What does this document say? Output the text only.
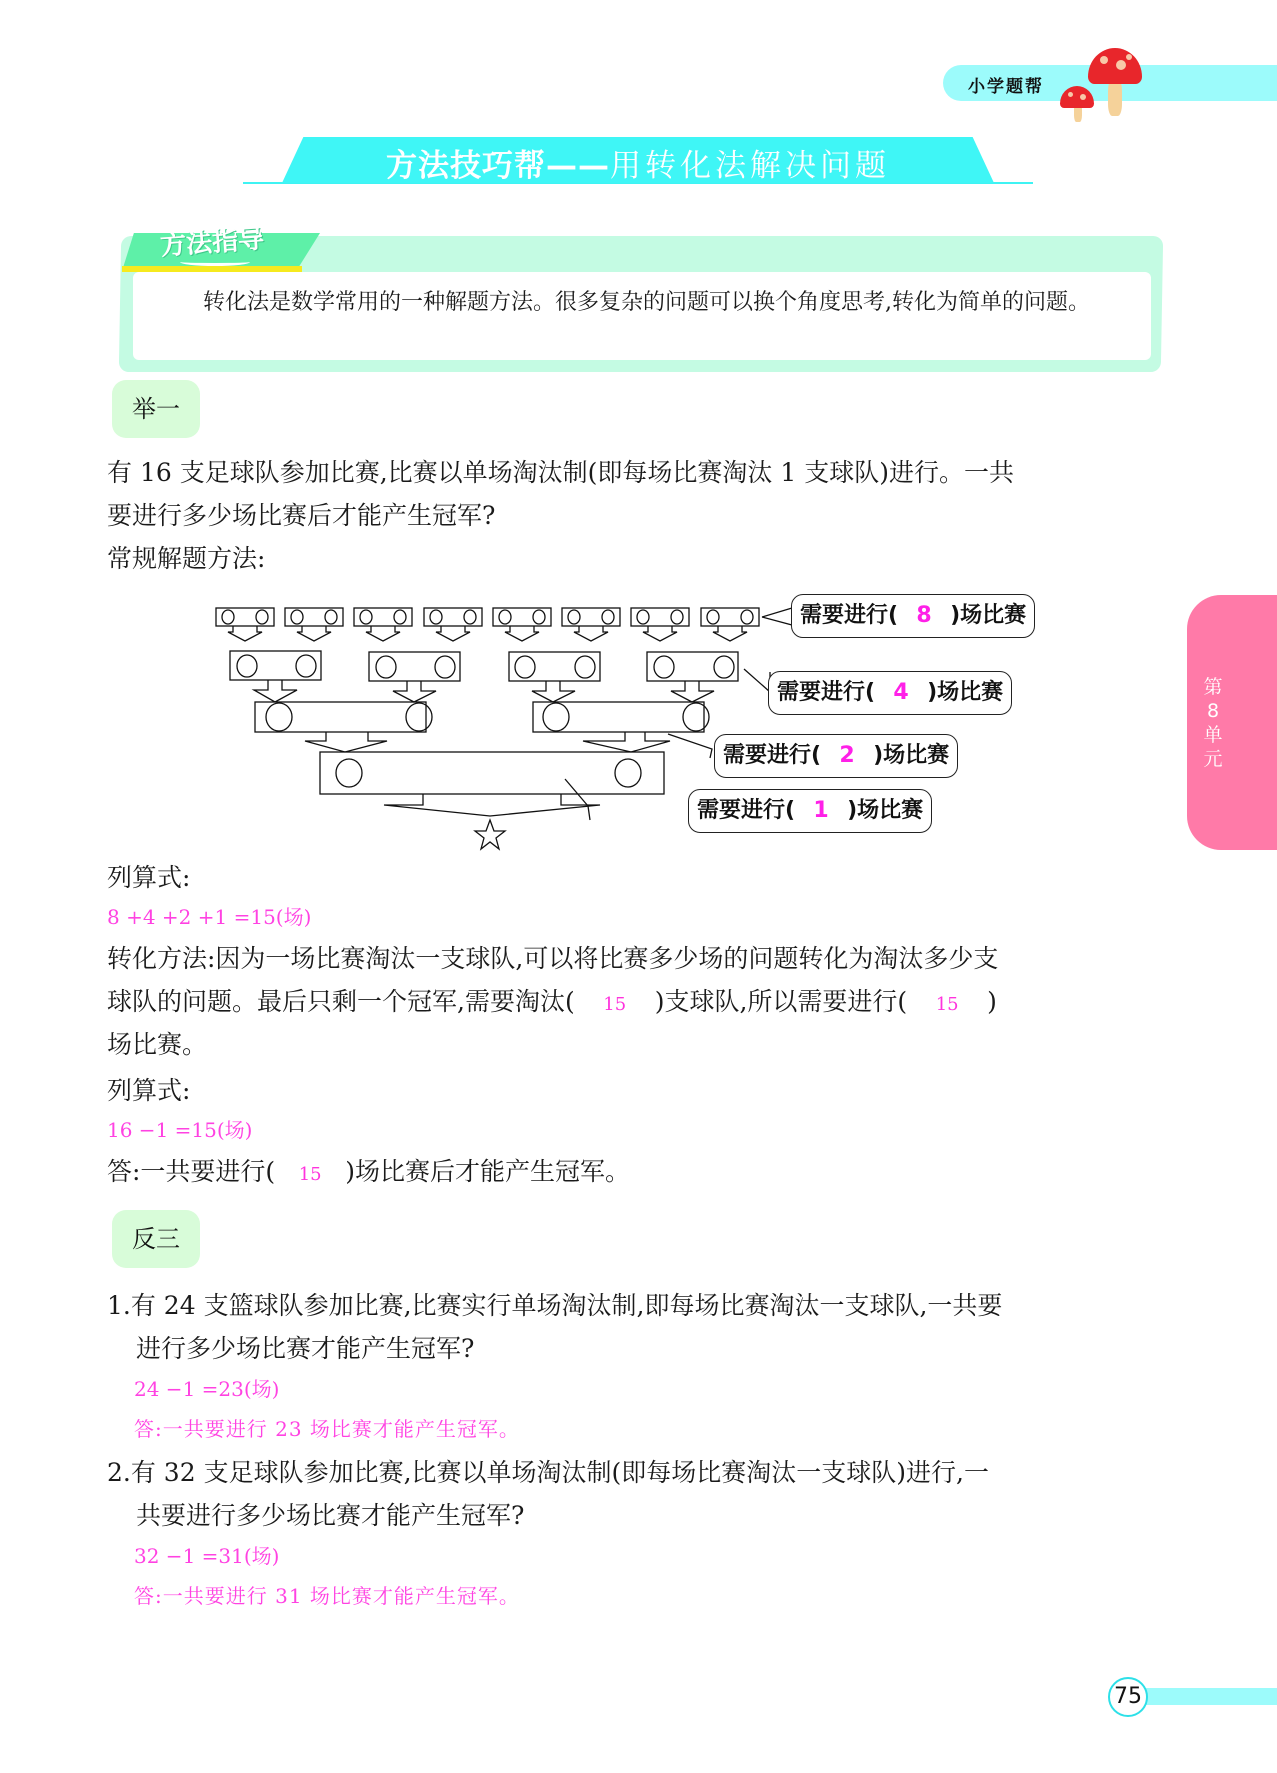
小学题帮
方法技巧帮——用转化法解决问题
方法指导
转化法是数学常用的一种解题方法。很多复杂的问题可以换个角度思考,转化为简单的问题。
举一
有 16 支足球队参加比赛,比赛以单场淘汰制(即每场比赛淘汰 1 支球队)进行。一共
要进行多少场比赛后才能产生冠军?
常规解题方法:
需要进行( 8 )场比赛
需要进行( 4 )场比赛
需要进行( 2 )场比赛
需要进行( 1 )场比赛
列算式:
8 +4 +2 +1 =15(场)
转化方法:因为一场比赛淘汰一支球队,可以将比赛多少场的问题转化为淘汰多少支
球队的问题。最后只剩一个冠军,需要淘汰( 15 )支球队,所以需要进行( 15 )
场比赛。
列算式:
16 −1 =15(场)
答:一共要进行( 15 )场比赛后才能产生冠军。
反三
1.有 24 支篮球队参加比赛,比赛实行单场淘汰制,即每场比赛淘汰一支球队,一共要
进行多少场比赛才能产生冠军?
24 −1 =23(场)
答:一共要进行 23 场比赛才能产生冠军。
2.有 32 支足球队参加比赛,比赛以单场淘汰制(即每场比赛淘汰一支球队)进行,一
共要进行多少场比赛才能产生冠军?
32 −1 =31(场)
答:一共要进行 31 场比赛才能产生冠军。
第8单元
75
